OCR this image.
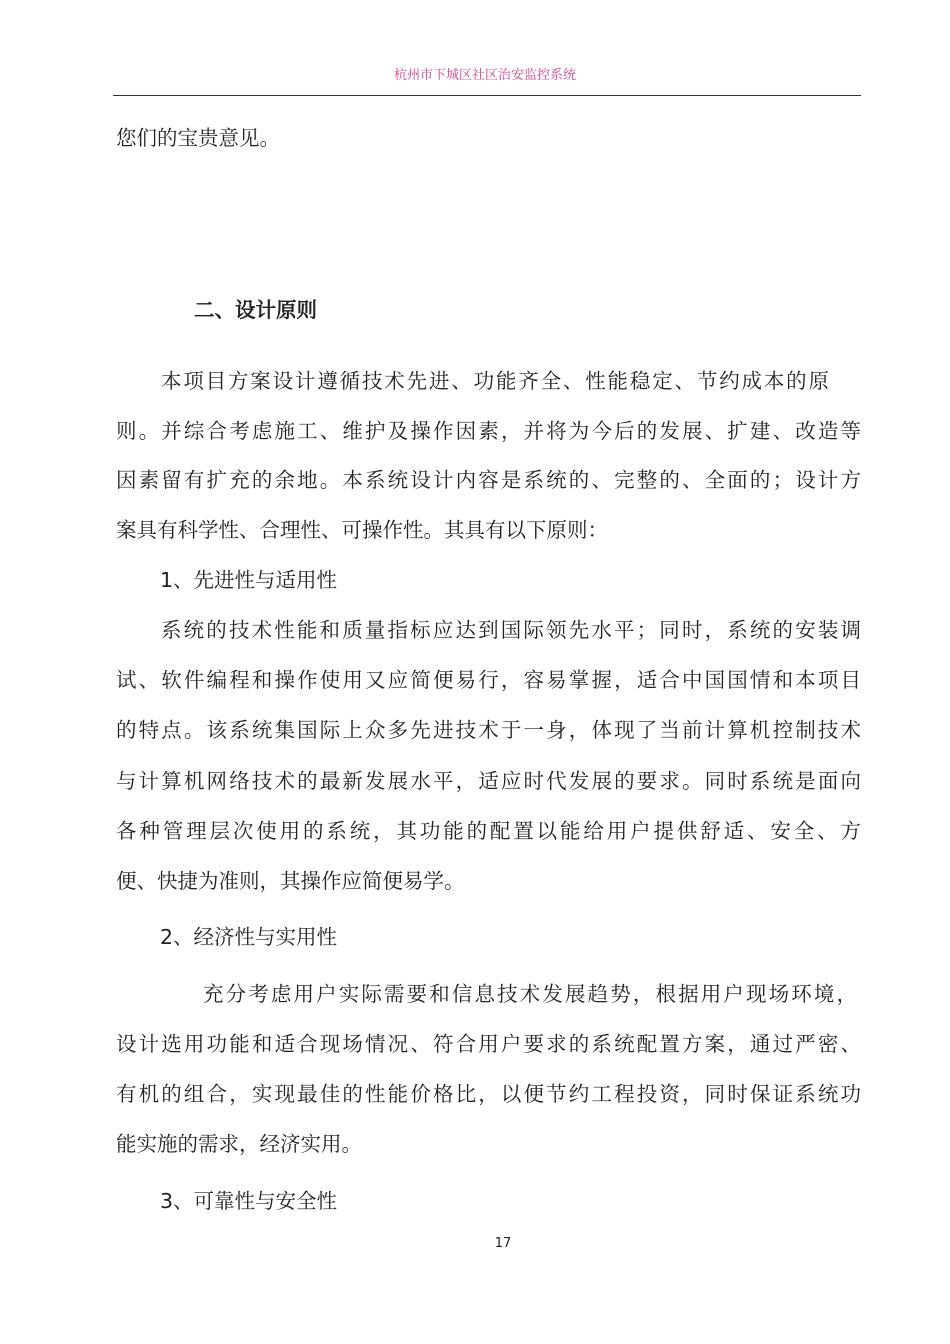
杭州市下城区社区治安监控系统
您们的宝贵意见。
二、设计原则
本项目方案设计遵循技术先进、功能齐全、性能稳定、节约成本的原
则。并综合考虑施工、维护及操作因素，并将为今后的发展、扩建、改造等
因素留有扩充的余地。本系统设计内容是系统的、完整的、全面的；设计方
案具有科学性、合理性、可操作性。其具有以下原则：
1、先进性与适用性
系统的技术性能和质量指标应达到国际领先水平；同时，系统的安装调
试、软件编程和操作使用又应简便易行，容易掌握，适合中国国情和本项目
的特点。该系统集国际上众多先进技术于一身，体现了当前计算机控制技术
与计算机网络技术的最新发展水平，适应时代发展的要求。同时系统是面向
各种管理层次使用的系统，其功能的配置以能给用户提供舒适、安全、方
便、快捷为准则，其操作应简便易学。
2、经济性与实用性
充分考虑用户实际需要和信息技术发展趋势，根据用户现场环境，
设计选用功能和适合现场情况、符合用户要求的系统配置方案，通过严密、
有机的组合，实现最佳的性能价格比，以便节约工程投资，同时保证系统功
能实施的需求，经济实用。
3、可靠性与安全性
17
